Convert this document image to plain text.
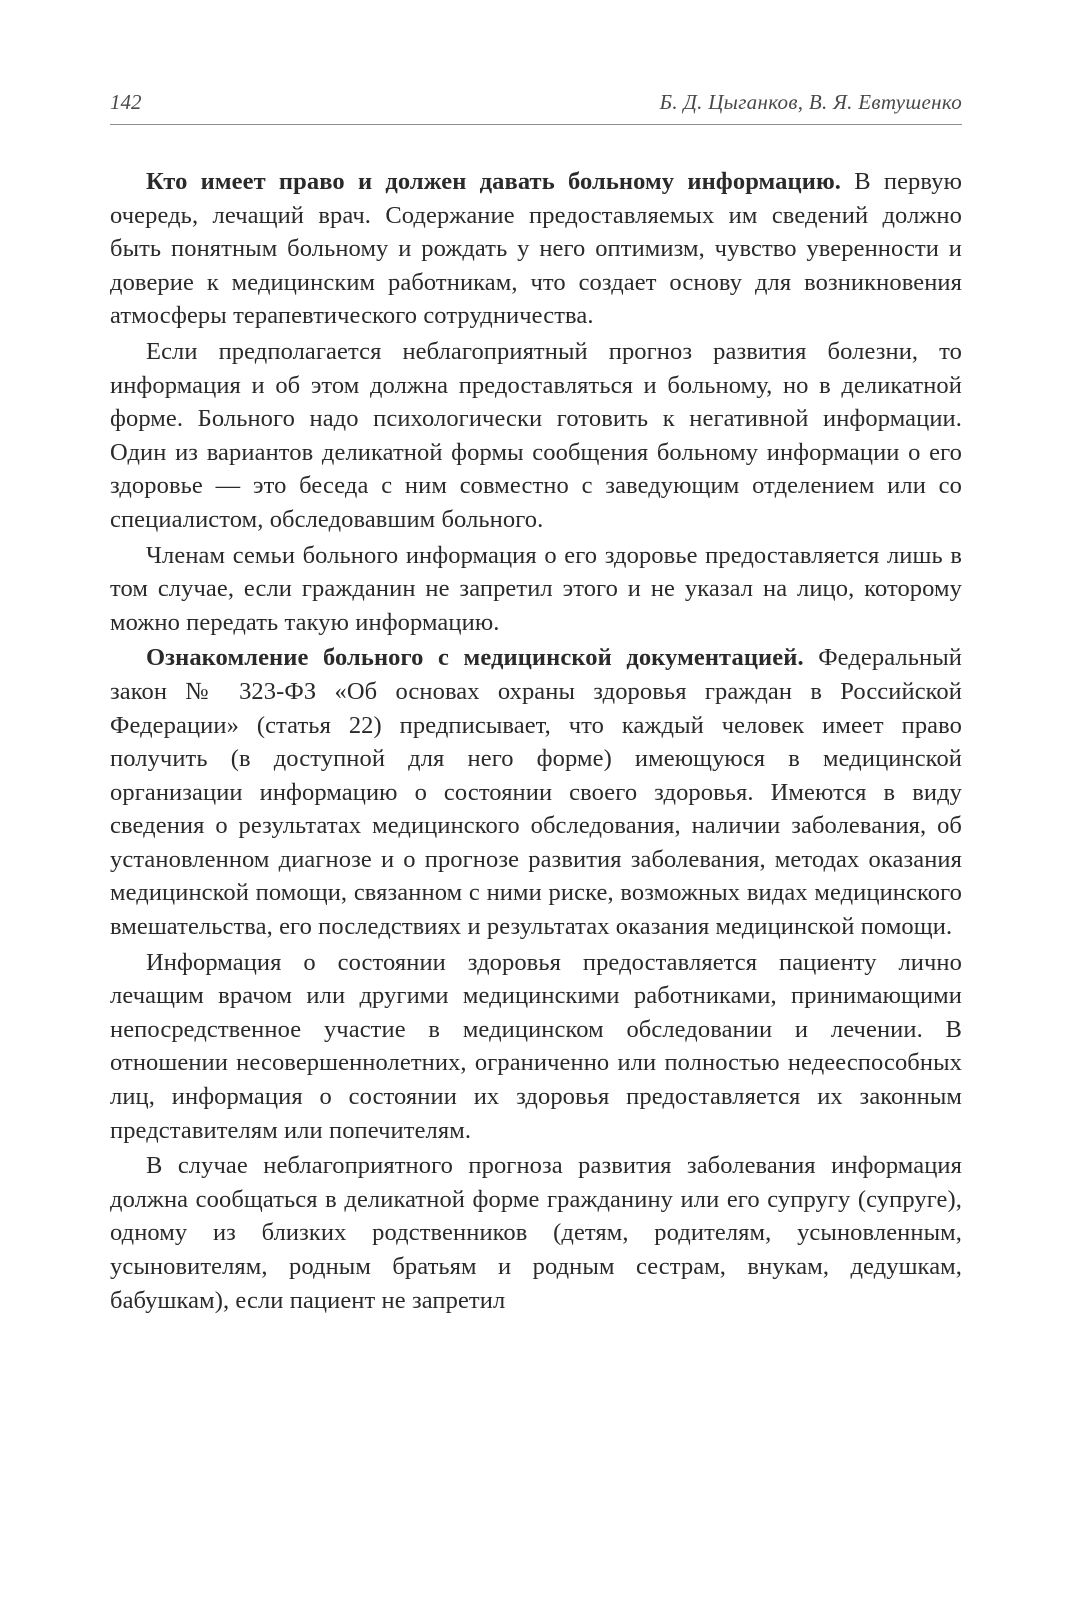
142	Б. Д. Цыганков, В. Я. Евтушенко

Кто имеет право и должен давать больному информацию. В первую очередь, лечащий врач. Содержание предоставляемых им сведений должно быть понятным больному и рождать у него оптимизм, чувство уверенности и доверие к медицинским работникам, что создает основу для возникновения атмосферы терапевтического сотрудничества.

Если предполагается неблагоприятный прогноз развития болезни, то информация и об этом должна предоставляться и больному, но в деликатной форме. Больного надо психологически готовить к негативной информации. Один из вариантов деликатной формы сообщения больному информации о его здоровье — это беседа с ним совместно с заведующим отделением или со специалистом, обследовавшим больного.

Членам семьи больного информация о его здоровье предоставляется лишь в том случае, если гражданин не запретил этого и не указал на лицо, которому можно передать такую информацию.

Ознакомление больного с медицинской документацией. Федеральный закон № 323-ФЗ «Об основах охраны здоровья граждан в Российской Федерации» (статья 22) предписывает, что каждый человек имеет право получить (в доступной для него форме) имеющуюся в медицинской организации информацию о состоянии своего здоровья. Имеются в виду сведения о результатах медицинского обследования, наличии заболевания, об установленном диагнозе и о прогнозе развития заболевания, методах оказания медицинской помощи, связанном с ними риске, возможных видах медицинского вмешательства, его последствиях и результатах оказания медицинской помощи.

Информация о состоянии здоровья предоставляется пациенту лично лечащим врачом или другими медицинскими работниками, принимающими непосредственное участие в медицинском обследовании и лечении. В отношении несовершеннолетних, ограниченно или полностью недееспособных лиц, информация о состоянии их здоровья предоставляется их законным представителям или попечителям.

В случае неблагоприятного прогноза развития заболевания информация должна сообщаться в деликатной форме гражданину или его супругу (супруге), одному из близких родственников (детям, родителям, усыновленным, усыновителям, родным братьям и родным сестрам, внукам, дедушкам, бабушкам), если пациент не запретил
